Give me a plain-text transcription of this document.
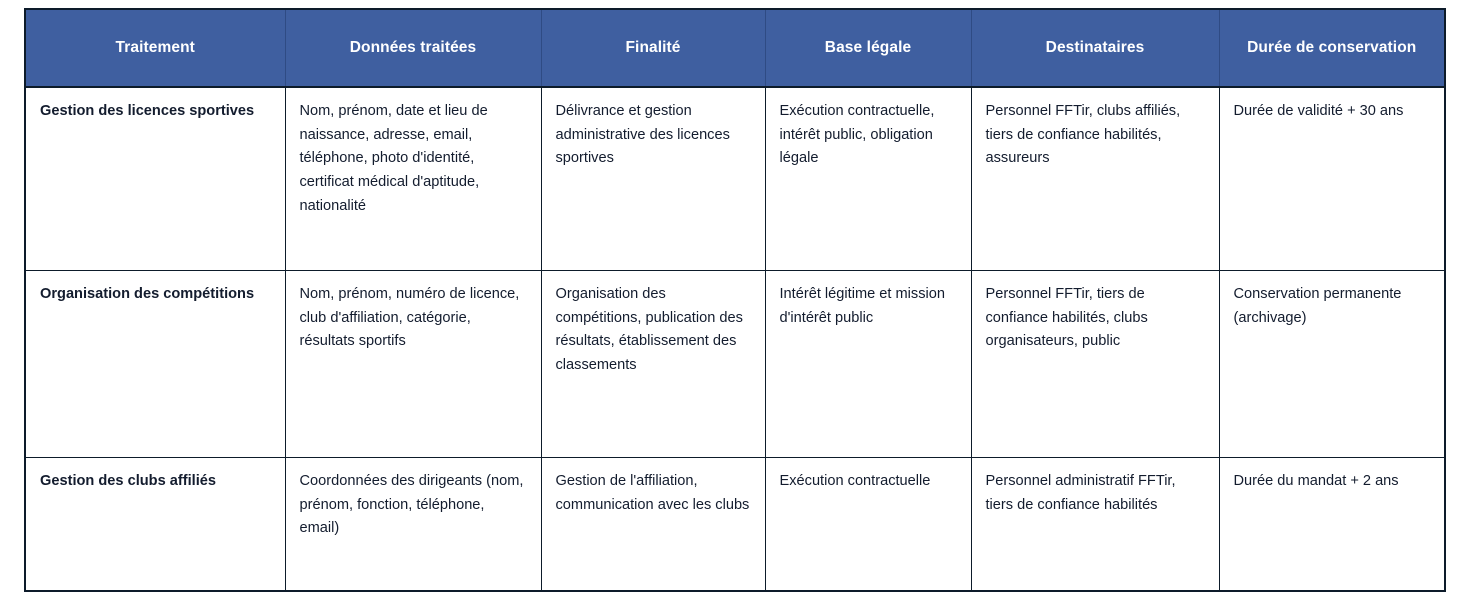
Traitement	Données traitées	Finalité	Base légale	Destinataires	Durée de conservation
Gestion des licences sportives	Nom, prénom, date et lieu de naissance, adresse, email, téléphone, photo d'identité, certificat médical d'aptitude, nationalité	Délivrance et gestion administrative des licences sportives	Exécution contractuelle, intérêt public, obligation légale	Personnel FFTir, clubs affiliés, tiers de confiance habilités, assureurs	Durée de validité + 30 ans
Organisation des compétitions	Nom, prénom, numéro de licence, club d'affiliation, catégorie, résultats sportifs	Organisation des compétitions, publication des résultats, établissement des classements	Intérêt légitime et mission d'intérêt public	Personnel FFTir, tiers de confiance habilités, clubs organisateurs, public	Conservation permanente (archivage)
Gestion des clubs affiliés	Coordonnées des dirigeants (nom, prénom, fonction, téléphone, email)	Gestion de l'affiliation, communication avec les clubs	Exécution contractuelle	Personnel administratif FFTir, tiers de confiance habilités	Durée du mandat + 2 ans
